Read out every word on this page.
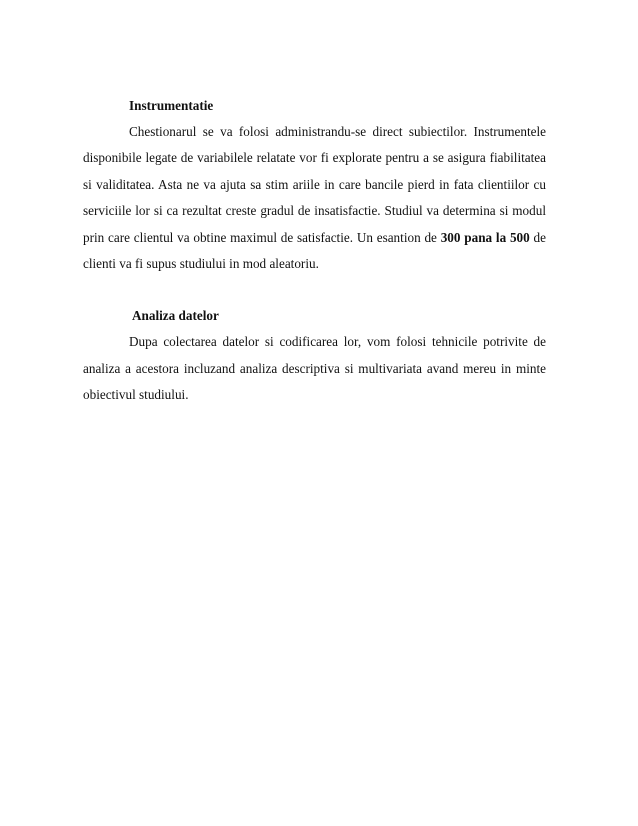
Instrumentatie

Chestionarul se va folosi administrandu-se direct subiectilor. Instrumentele disponibile legate de variabilele relatate vor fi explorate pentru a se asigura fiabilitatea si validitatea. Asta ne va ajuta sa stim ariile in care bancile pierd in fata clientiilor cu serviciile lor si ca rezultat creste gradul de insatisfactie. Studiul va determina si modul prin care clientul va obtine maximul de satisfactie. Un esantion de 300 pana la 500 de clienti va fi supus studiului in mod aleatoriu.

Analiza datelor

Dupa colectarea datelor si codificarea lor, vom folosi tehnicile potrivite de analiza a acestora incluzand analiza descriptiva si multivariata avand mereu in minte obiectivul studiului.
